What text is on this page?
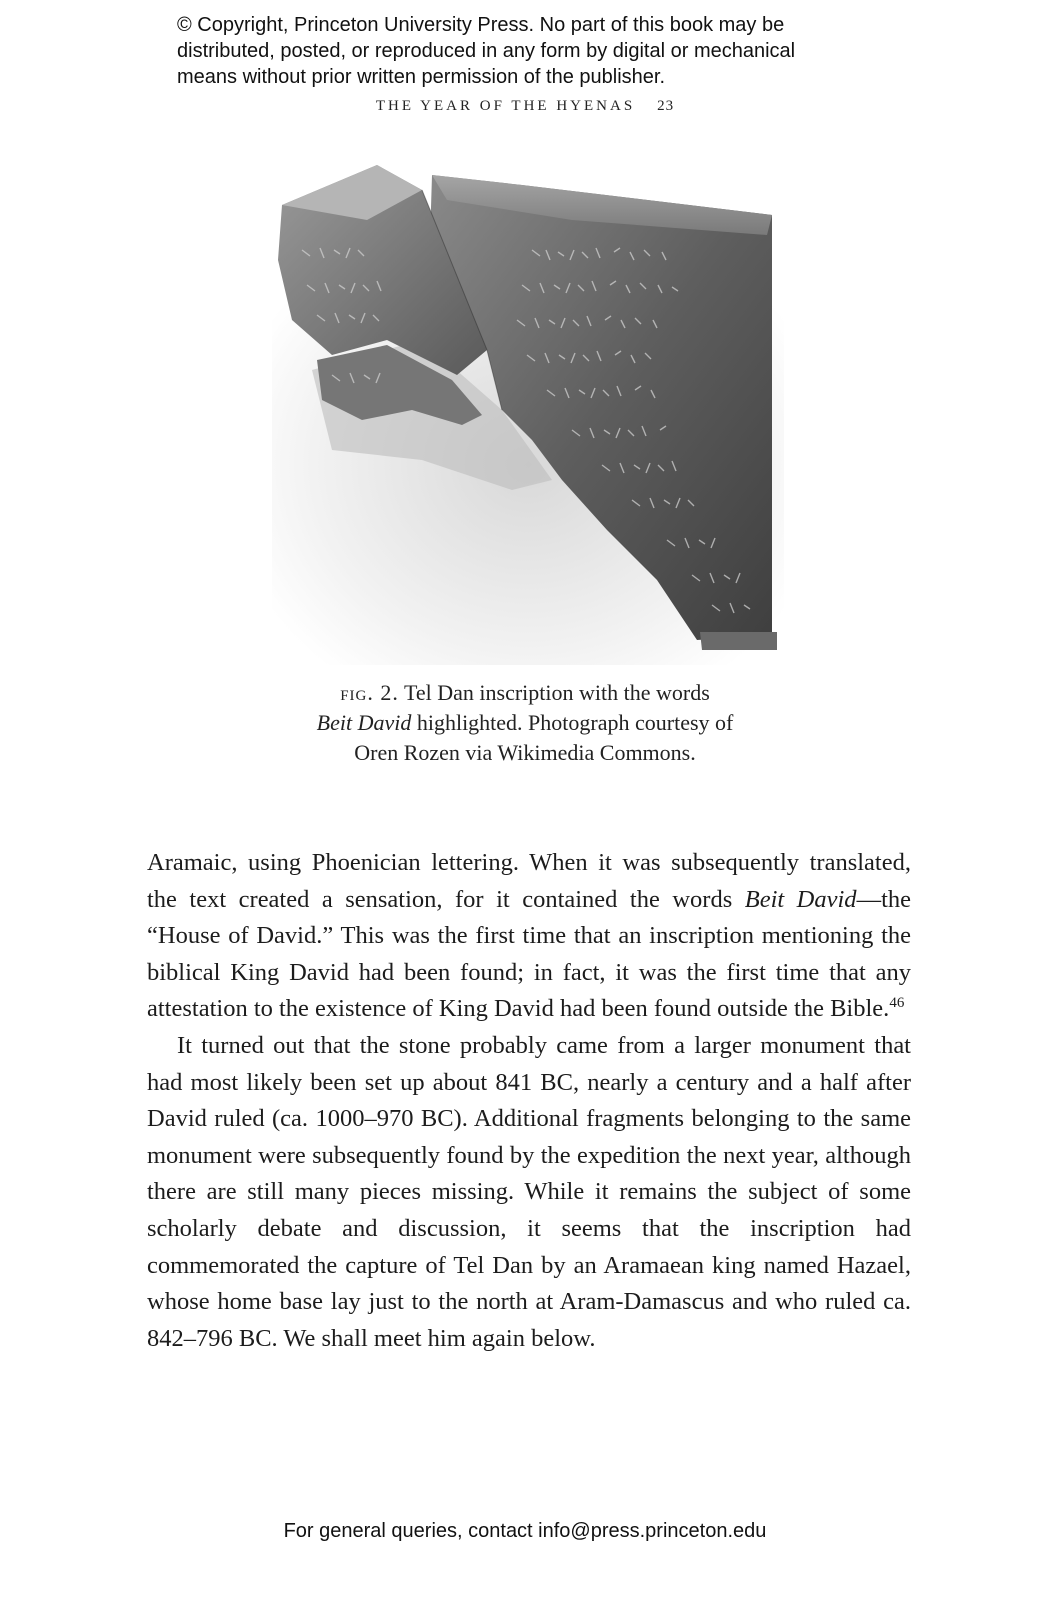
© Copyright, Princeton University Press. No part of this book may be
distributed, posted, or reproduced in any form by digital or mechanical
means without prior written permission of the publisher.
THE YEAR OF THE HYENAS 23
fig. 2. Tel Dan inscription with the words
Beit David highlighted. Photograph courtesy of
Oren Rozen via Wikimedia Commons.

Aramaic, using Phoenician lettering. When it was subsequently translated, the text created a sensation, for it contained the words Beit David—the “House of David.” This was the first time that an inscription mentioning the biblical King David had been found; in fact, it was the first time that any attestation to the existence of King David had been found outside the Bible.$^{46}$

It turned out that the stone probably came from a larger monument that had most likely been set up about 841 BC, nearly a century and a half after David ruled (ca. 1000–970 BC). Additional fragments belonging to the same monument were subsequently found by the expedition the next year, although there are still many pieces missing. While it remains the subject of some scholarly debate and discussion, it seems that the inscription had commemorated the capture of Tel Dan by an Aramaean king named Hazael, whose home base lay just to the north at Aram-Damascus and who ruled ca. 842–796 BC. We shall meet him again below.

For general queries, contact info@press.princeton.edu
